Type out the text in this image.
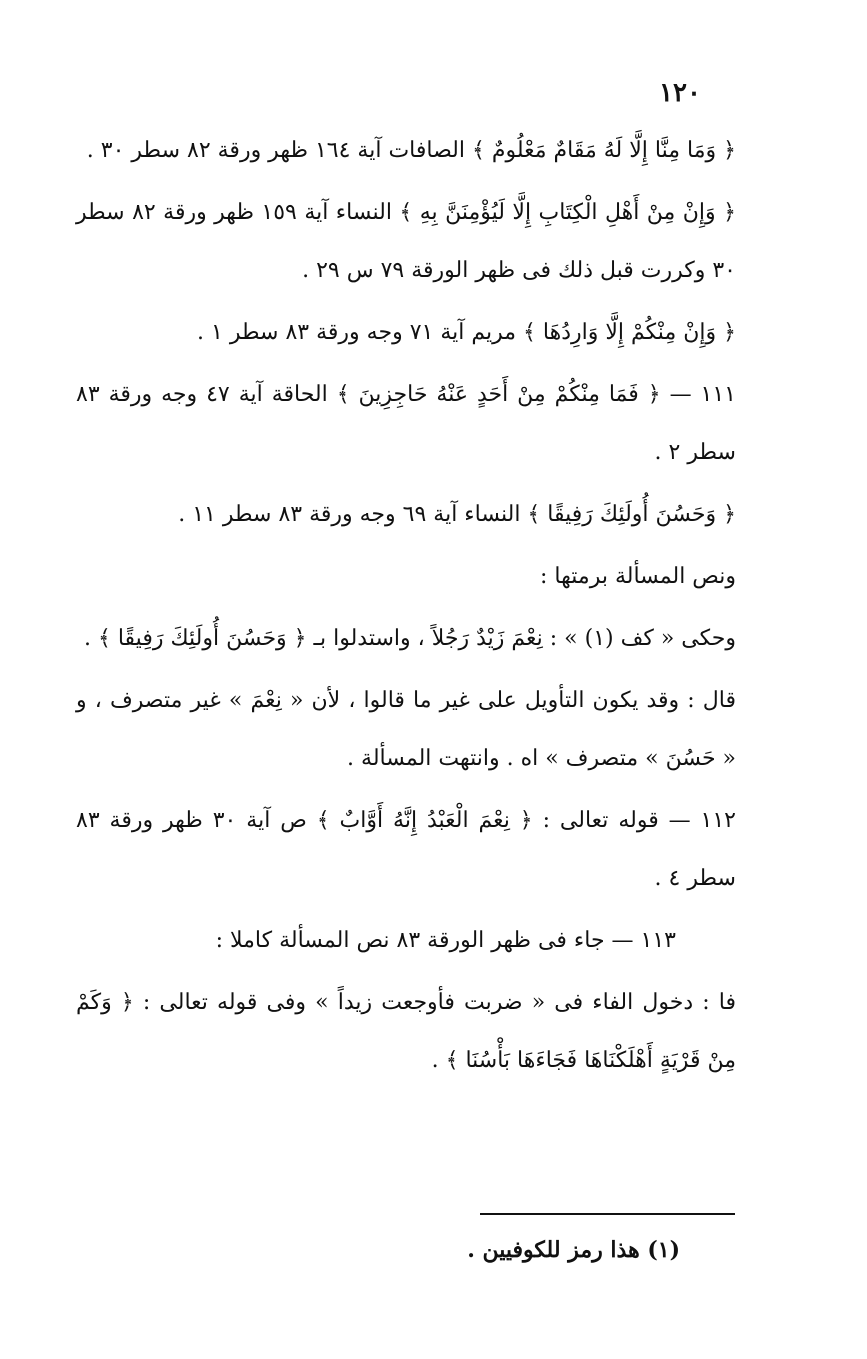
١٢٠

﴿ وَمَا مِنَّا إِلَّا لَهُ مَقَامٌ مَعْلُومٌ ﴾ الصافات آية ١٦٤ ظهر ورقة ٨٢ سطر ٣٠ .

﴿ وَإِنْ مِنْ أَهْلِ الْكِتَابِ إِلَّا لَيُؤْمِنَنَّ بِهِ ﴾ النساء آية ١٥٩ ظهر ورقة ٨٢ سطر ٣٠ وكررت قبل ذلك فى ظهر الورقة ٧٩ س ٢٩ .

﴿ وَإِنْ مِنْكُمْ إِلَّا وَارِدُهَا ﴾ مريم آية ٧١ وجه ورقة ٨٣ سطر ١ .

١١١ — ﴿ فَمَا مِنْكُمْ مِنْ أَحَدٍ عَنْهُ حَاجِزِينَ ﴾ الحاقة آية ٤٧ وجه ورقة ٨٣ سطر ٢ .

﴿ وَحَسُنَ أُولَئِكَ رَفِيقًا ﴾ النساء آية ٦٩ وجه ورقة ٨٣ سطر ١١ .

ونص المسألة برمتها :

وحكى « كف (١) » : نِعْمَ زَيْدٌ رَجُلاً ، واستدلوا بـ ﴿ وَحَسُنَ أُولَئِكَ رَفِيقًا ﴾ .

قال : وقد يكون التأويل على غير ما قالوا ، لأن « نِعْمَ » غير متصرف ، و « حَسُنَ » متصرف » اه . وانتهت المسألة .

١١٢ — قوله تعالى : ﴿ نِعْمَ الْعَبْدُ إِنَّهُ أَوَّابٌ ﴾ ص آية ٣٠ ظهر ورقة ٨٣ سطر ٤ .

١١٣ — جاء فى ظهر الورقة ٨٣ نص المسألة كاملا :

فا : دخول الفاء فى « ضربت فأوجعت زيداً » وفى قوله تعالى : ﴿ وَكَمْ مِنْ قَرْيَةٍ أَهْلَكْنَاهَا فَجَاءَهَا بَأْسُنَا ﴾ .

(١) هذا رمز للكوفيين .
